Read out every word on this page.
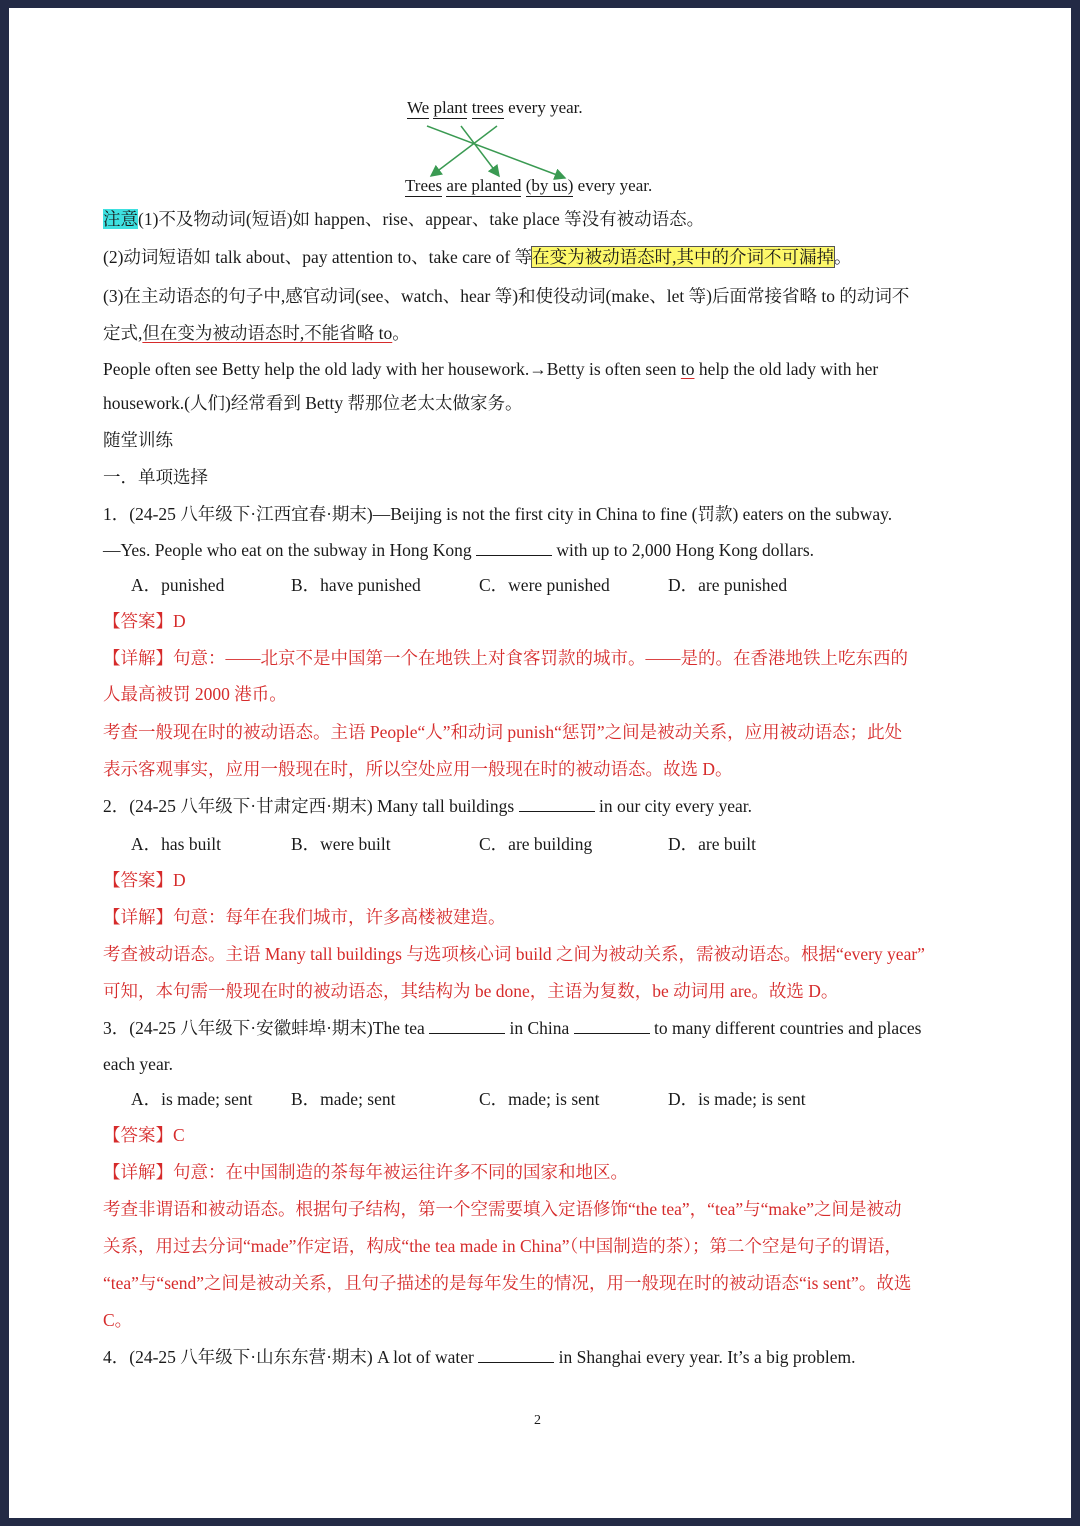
We plant trees every year.
Trees are planted (by us) every year.
注意(1)不及物动词(短语)如 happen、rise、appear、take place 等没有被动语态。
(2)动词短语如 talk about、pay attention to、take care of 等在变为被动语态时,其中的介词不可漏掉。
(3)在主动语态的句子中,感官动词(see、watch、hear 等)和使役动词(make、let 等)后面常接省略 to 的动词不
定式,但在变为被动语态时,不能省略 to。
People often see Betty help the old lady with her housework.→Betty is often seen to help the old lady with her
housework.(人们)经常看到 Betty 帮那位老太太做家务。
随堂训练
一．单项选择
1．(24-25 八年级下·江西宜春·期末)—Beijing is not the first city in China to fine (罚款) eaters on the subway.
—Yes. People who eat on the subway in Hong Kong	with up to 2,000 Hong Kong dollars.
A．punished	B．have punished	C．were punished	D．are punished
【答案】D
【详解】句意：——北京不是中国第一个在地铁上对食客罚款的城市。——是的。在香港地铁上吃东西的
人最高被罚 2000 港币。
考查一般现在时的被动语态。主语 People“人”和动词 punish“惩罚”之间是被动关系，应用被动语态；此处
表示客观事实，应用一般现在时，所以空处应用一般现在时的被动语态。故选 D。
2．(24-25 八年级下·甘肃定西·期末) Many tall buildings	in our city every year.
A．has built	B．were built	C．are building	D．are built
【答案】D
【详解】句意：每年在我们城市，许多高楼被建造。
考查被动语态。主语 Many tall buildings 与选项核心词 build 之间为被动关系，需被动语态。根据“every year”
可知，本句需一般现在时的被动语态，其结构为 be done，主语为复数，be 动词用 are。故选 D。
3．(24-25 八年级下·安徽蚌埠·期末)The tea	in China	to many different countries and places
each year.
A．is made; sent B．made; sent	C．made; is sent	D．is made; is sent
【答案】C
【详解】句意：在中国制造的茶每年被运往许多不同的国家和地区。
考查非谓语和被动语态。根据句子结构，第一个空需要填入定语修饰“the tea”，“tea”与“make”之间是被动
关系，用过去分词“made”作定语，构成“the tea made in China”（中国制造的茶）；第二个空是句子的谓语，
“tea”与“send”之间是被动关系，且句子描述的是每年发生的情况，用一般现在时的被动语态“is sent”。故选
C。
4．(24-25 八年级下·山东东营·期末) A lot of water	in Shanghai every year. It’s a big problem.
2
